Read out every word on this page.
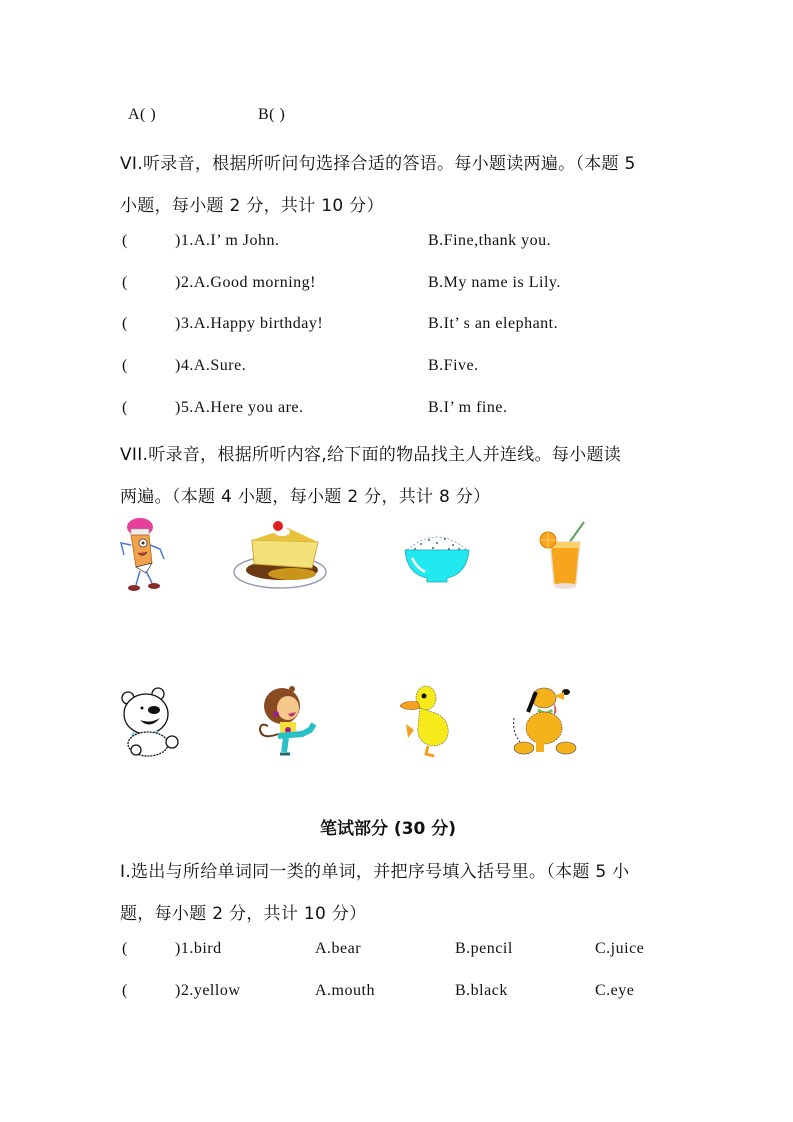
A( )	B( )
VI.听录音，根据所听问句选择合适的答语。每小题读两遍。（本题 5
小题，每小题 2 分，共计 10 分）
(	)1.A.I’ m John.	B.Fine,thank you.
(	)2.A.Good morning!	B.My name is Lily.
(	)3.A.Happy birthday!	B.It’ s an elephant.
(	)4.A.Sure.	B.Five.
(	)5.A.Here you are.	B.I’ m fine.
VII.听录音，根据所听内容,给下面的物品找主人并连线。每小题读
两遍。（本题 4 小题，每小题 2 分，共计 8 分）
笔试部分 (30 分)
I.选出与所给单词同一类的单词，并把序号填入括号里。（本题 5 小
题，每小题 2 分，共计 10 分）
(	)1.bird	A.bear	B.pencil	C.juice
(	)2.yellow	A.mouth	B.black	C.eye
